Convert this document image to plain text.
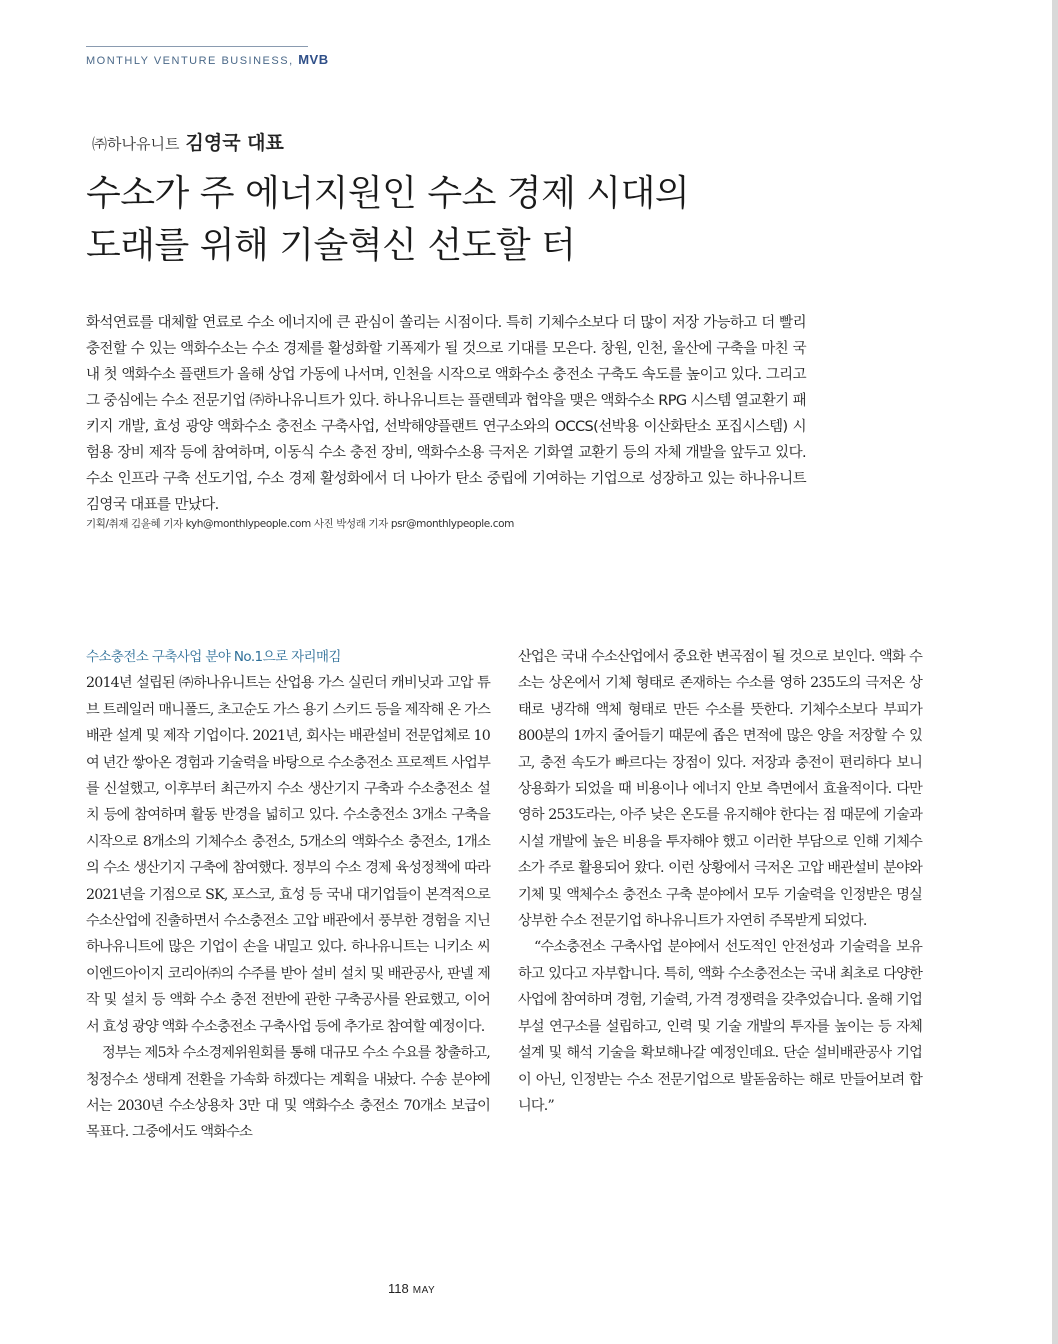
MONTHLY VENTURE BUSINESS, MVB
㈜하나유니트 김영국 대표
수소가 주 에너지원인 수소 경제 시대의
도래를 위해 기술혁신 선도할 터

화석연료를 대체할 연료로 수소 에너지에 큰 관심이 쏠리는 시점이다. 특히 기체수소보다 더 많이 저장 가능하고 더 빨리 충전할 수 있는 액화수소는 수소 경제를 활성화할 기폭제가 될 것으로 기대를 모은다. 창원, 인천, 울산에 구축을 마친 국내 첫 액화수소 플랜트가 올해 상업 가동에 나서며, 인천을 시작으로 액화수소 충전소 구축도 속도를 높이고 있다. 그리고 그 중심에는 수소 전문기업 ㈜하나유니트가 있다. 하나유니트는 플랜텍과 협약을 맺은 액화수소 RPG 시스템 열교환기 패키지 개발, 효성 광양 액화수소 충전소 구축사업, 선박해양플랜트 연구소와의 OCCS(선박용 이산화탄소 포집시스템) 시험용 장비 제작 등에 참여하며, 이동식 수소 충전 장비, 액화수소용 극저온 기화열 교환기 등의 자체 개발을 앞두고 있다. 수소 인프라 구축 선도기업, 수소 경제 활성화에서 더 나아가 탄소 중립에 기여하는 기업으로 성장하고 있는 하나유니트 김영국 대표를 만났다.

기획/취재 김윤혜 기자 kyh@monthlypeople.com 사진 박성래 기자 psr@monthlypeople.com

수소충전소 구축사업 분야 No.1으로 자리매김

2014년 설립된 ㈜하나유니트는 산업용 가스 실린더 캐비닛과 고압 튜브 트레일러 매니폴드, 초고순도 가스 용기 스키드 등을 제작해 온 가스 배관 설계 및 제작 기업이다. 2021년, 회사는 배관설비 전문업체로 10여 년간 쌓아온 경험과 기술력을 바탕으로 수소충전소 프로젝트 사업부를 신설했고, 이후부터 최근까지 수소 생산기지 구축과 수소충전소 설치 등에 참여하며 활동 반경을 넓히고 있다. 수소충전소 3개소 구축을 시작으로 8개소의 기체수소 충전소, 5개소의 액화수소 충전소, 1개소의 수소 생산기지 구축에 참여했다. 정부의 수소 경제 육성정책에 따라 2021년을 기점으로 SK, 포스코, 효성 등 국내 대기업들이 본격적으로 수소산업에 진출하면서 수소충전소 고압 배관에서 풍부한 경험을 지닌 하나유니트에 많은 기업이 손을 내밀고 있다. 하나유니트는 니키소 씨이엔드아이지 코리아㈜의 수주를 받아 설비 설치 및 배관공사, 판넬 제작 및 설치 등 액화 수소 충전 전반에 관한 구축공사를 완료했고, 이어서 효성 광양 액화 수소충전소 구축사업 등에 추가로 참여할 예정이다.

정부는 제5차 수소경제위원회를 통해 대규모 수소 수요를 창출하고, 청정수소 생태계 전환을 가속화 하겠다는 계획을 내놨다. 수송 분야에서는 2030년 수소상용차 3만 대 및 액화수소 충전소 70개소 보급이 목표다. 그중에서도 액화수소

산업은 국내 수소산업에서 중요한 변곡점이 될 것으로 보인다. 액화 수소는 상온에서 기체 형태로 존재하는 수소를 영하 235도의 극저온 상태로 냉각해 액체 형태로 만든 수소를 뜻한다. 기체수소보다 부피가 800분의 1까지 줄어들기 때문에 좁은 면적에 많은 양을 저장할 수 있고, 충전 속도가 빠르다는 장점이 있다. 저장과 충전이 편리하다 보니 상용화가 되었을 때 비용이나 에너지 안보 측면에서 효율적이다. 다만 영하 253도라는, 아주 낮은 온도를 유지해야 한다는 점 때문에 기술과 시설 개발에 높은 비용을 투자해야 했고 이러한 부담으로 인해 기체수소가 주로 활용되어 왔다. 이런 상황에서 극저온 고압 배관설비 분야와 기체 및 액체수소 충전소 구축 분야에서 모두 기술력을 인정받은 명실상부한 수소 전문기업 하나유니트가 자연히 주목받게 되었다.

“수소충전소 구축사업 분야에서 선도적인 안전성과 기술력을 보유하고 있다고 자부합니다. 특히, 액화 수소충전소는 국내 최초로 다양한 사업에 참여하며 경험, 기술력, 가격 경쟁력을 갖추었습니다. 올해 기업부설 연구소를 설립하고, 인력 및 기술 개발의 투자를 높이는 등 자체 설계 및 해석 기술을 확보해나갈 예정인데요. 단순 설비배관공사 기업이 아닌, 인정받는 수소 전문기업으로 발돋움하는 해로 만들어보려 합니다.”

118 MAY
